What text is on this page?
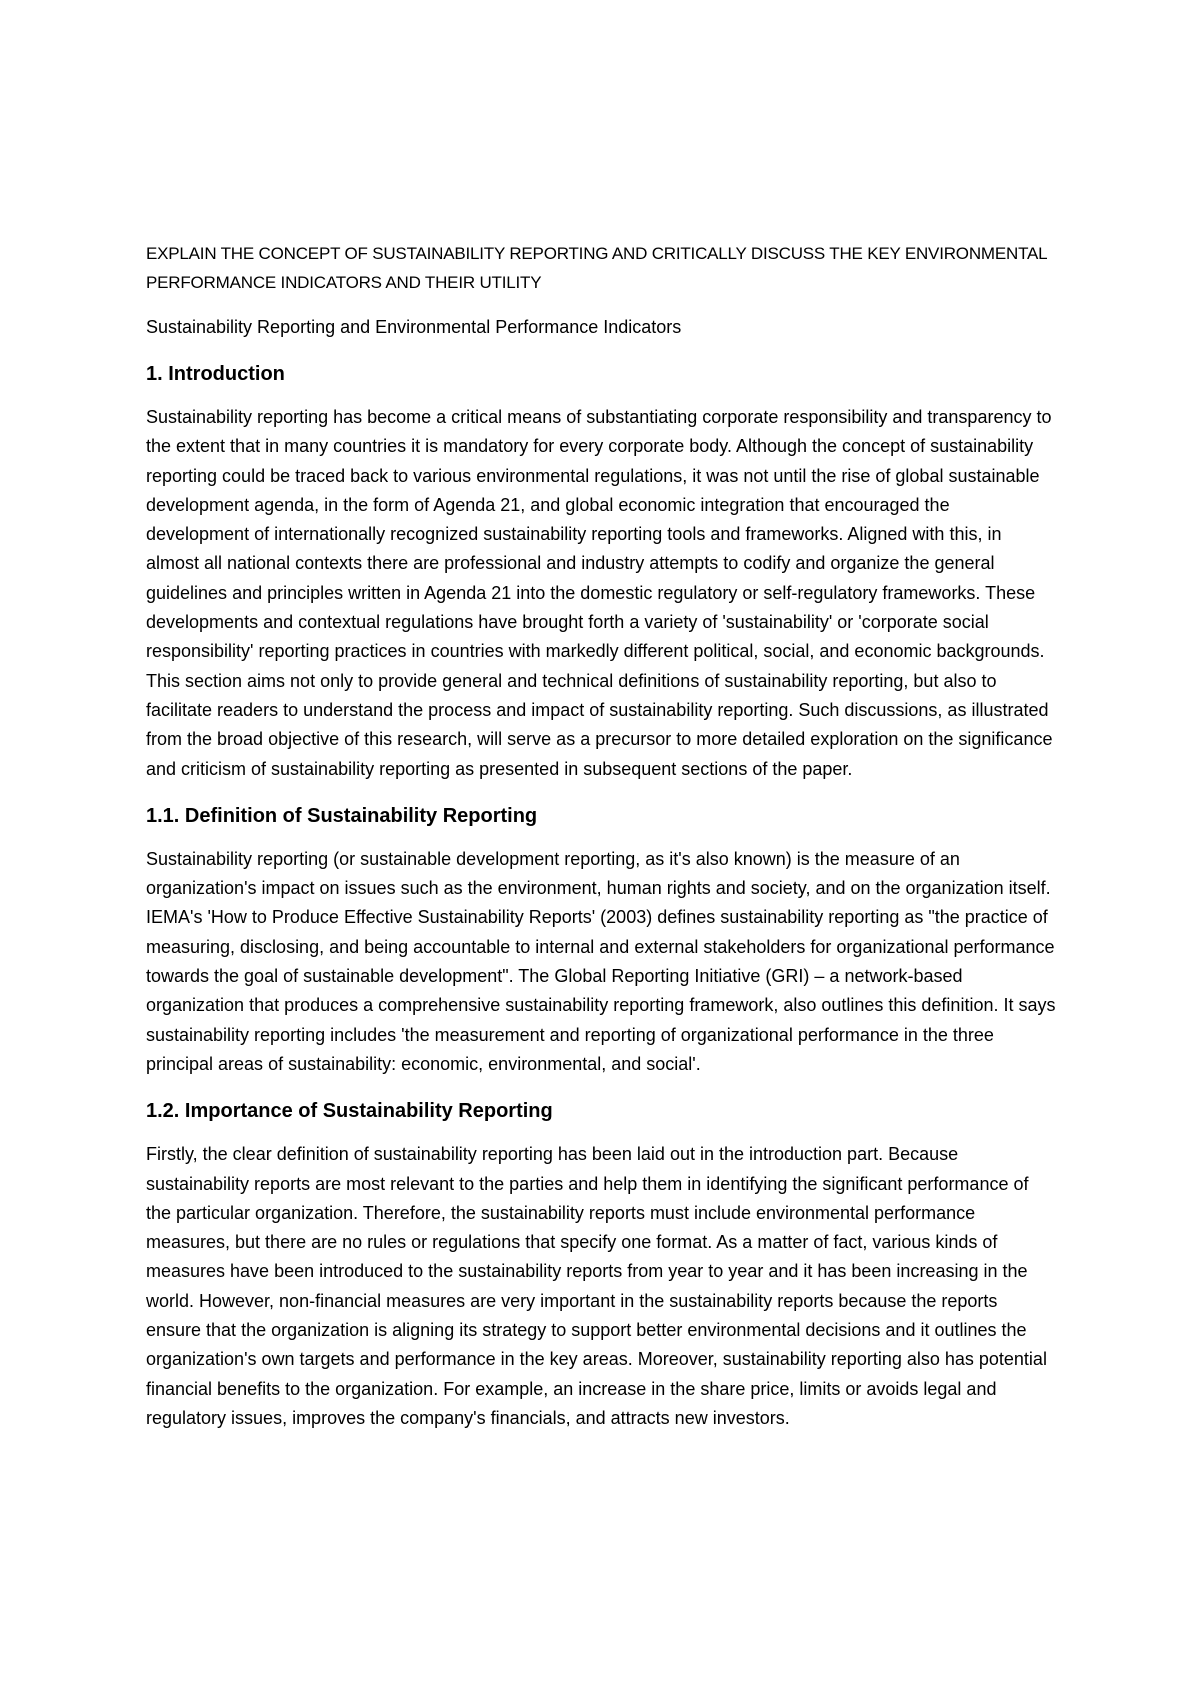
EXPLAIN THE CONCEPT OF SUSTAINABILITY REPORTING AND CRITICALLY DISCUSS THE KEY ENVIRONMENTAL PERFORMANCE INDICATORS AND THEIR UTILITY

Sustainability Reporting and Environmental Performance Indicators

1. Introduction

Sustainability reporting has become a critical means of substantiating corporate responsibility and transparency to the extent that in many countries it is mandatory for every corporate body. Although the concept of sustainability reporting could be traced back to various environmental regulations, it was not until the rise of global sustainable development agenda, in the form of Agenda 21, and global economic integration that encouraged the development of internationally recognized sustainability reporting tools and frameworks. Aligned with this, in almost all national contexts there are professional and industry attempts to codify and organize the general guidelines and principles written in Agenda 21 into the domestic regulatory or self-regulatory frameworks. These developments and contextual regulations have brought forth a variety of 'sustainability' or 'corporate social responsibility' reporting practices in countries with markedly different political, social, and economic backgrounds. This section aims not only to provide general and technical definitions of sustainability reporting, but also to facilitate readers to understand the process and impact of sustainability reporting. Such discussions, as illustrated from the broad objective of this research, will serve as a precursor to more detailed exploration on the significance and criticism of sustainability reporting as presented in subsequent sections of the paper.

1.1. Definition of Sustainability Reporting

Sustainability reporting (or sustainable development reporting, as it's also known) is the measure of an organization's impact on issues such as the environment, human rights and society, and on the organization itself. IEMA's 'How to Produce Effective Sustainability Reports' (2003) defines sustainability reporting as "the practice of measuring, disclosing, and being accountable to internal and external stakeholders for organizational performance towards the goal of sustainable development". The Global Reporting Initiative (GRI) – a network-based organization that produces a comprehensive sustainability reporting framework, also outlines this definition. It says sustainability reporting includes 'the measurement and reporting of organizational performance in the three principal areas of sustainability: economic, environmental, and social'.

1.2. Importance of Sustainability Reporting

Firstly, the clear definition of sustainability reporting has been laid out in the introduction part. Because sustainability reports are most relevant to the parties and help them in identifying the significant performance of the particular organization. Therefore, the sustainability reports must include environmental performance measures, but there are no rules or regulations that specify one format. As a matter of fact, various kinds of measures have been introduced to the sustainability reports from year to year and it has been increasing in the world. However, non-financial measures are very important in the sustainability reports because the reports ensure that the organization is aligning its strategy to support better environmental decisions and it outlines the organization's own targets and performance in the key areas. Moreover, sustainability reporting also has potential financial benefits to the organization. For example, an increase in the share price, limits or avoids legal and regulatory issues, improves the company's financials, and attracts new investors.
